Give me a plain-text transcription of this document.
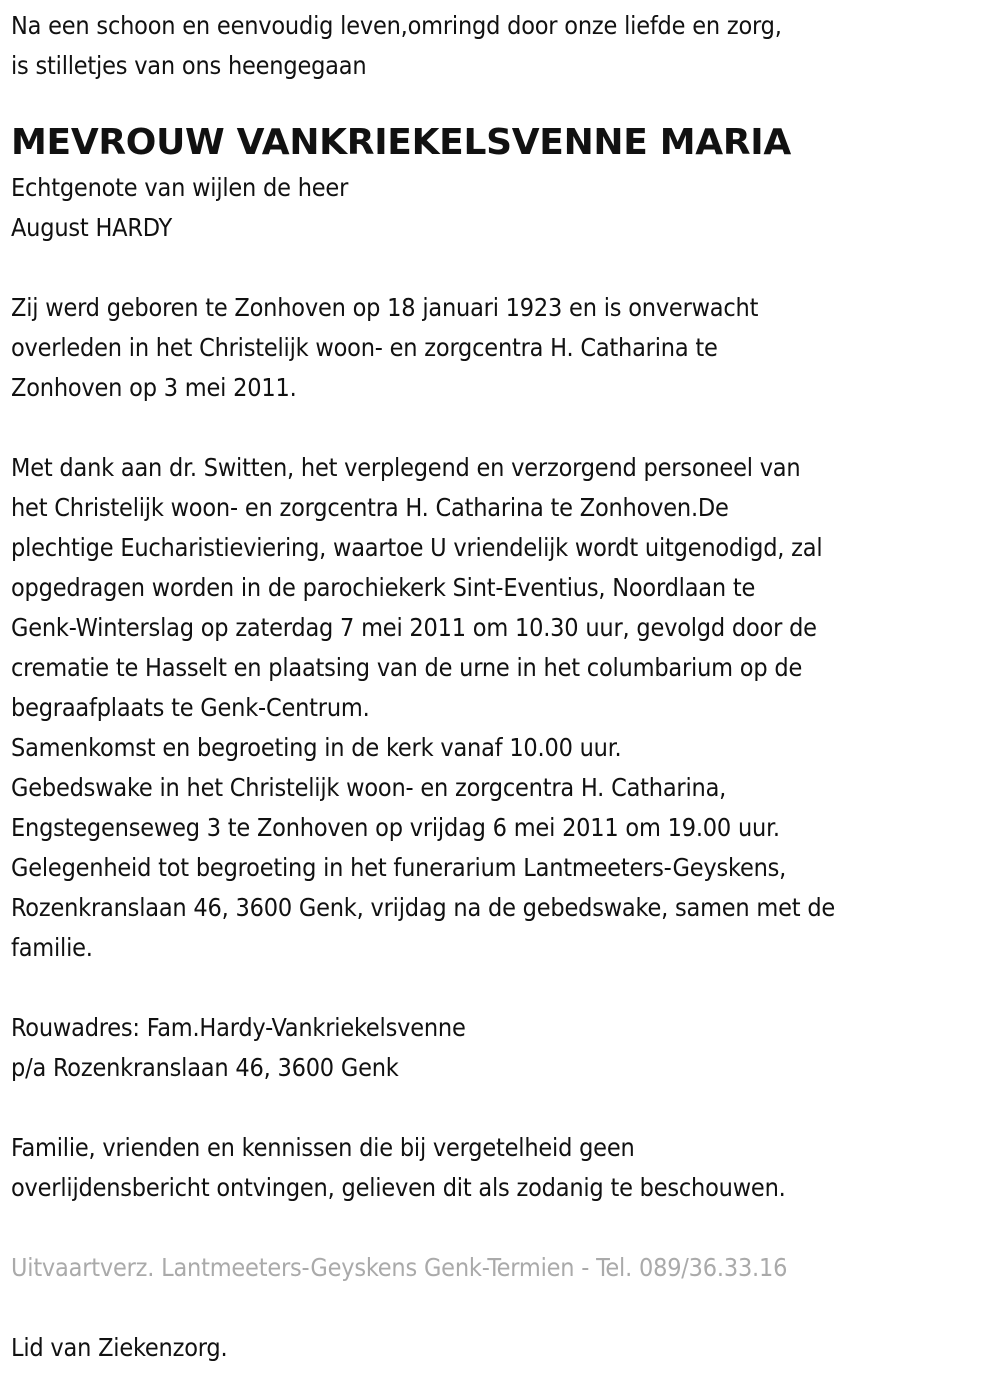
Na een schoon en eenvoudig leven,omringd door onze liefde en zorg,
is stilletjes van ons heengegaan
MEVROUW VANKRIEKELSVENNE MARIA
Echtgenote van wijlen de heer
August HARDY
Zij werd geboren te Zonhoven op 18 januari 1923 en is onverwacht
overleden in het Christelijk woon- en zorgcentra H. Catharina te
Zonhoven op 3 mei 2011.
Met dank aan dr. Switten, het verplegend en verzorgend personeel van
het Christelijk woon- en zorgcentra H. Catharina te Zonhoven.De
plechtige Eucharistieviering, waartoe U vriendelijk wordt uitgenodigd, zal
opgedragen worden in de parochiekerk Sint-Eventius, Noordlaan te
Genk-Winterslag op zaterdag 7 mei 2011 om 10.30 uur, gevolgd door de
crematie te Hasselt en plaatsing van de urne in het columbarium op de
begraafplaats te Genk-Centrum.
Samenkomst en begroeting in de kerk vanaf 10.00 uur.
Gebedswake in het Christelijk woon- en zorgcentra H. Catharina,
Engstegenseweg 3 te Zonhoven op vrijdag 6 mei 2011 om 19.00 uur.
Gelegenheid tot begroeting in het funerarium Lantmeeters-Geyskens,
Rozenkranslaan 46, 3600 Genk, vrijdag na de gebedswake, samen met de
familie.
Rouwadres: Fam.Hardy-Vankriekelsvenne
p/a Rozenkranslaan 46, 3600 Genk
Familie, vrienden en kennissen die bij vergetelheid geen
overlijdensbericht ontvingen, gelieven dit als zodanig te beschouwen.
Uitvaartverz. Lantmeeters-Geyskens Genk-Termien - Tel. 089/36.33.16
Lid van Ziekenzorg.
